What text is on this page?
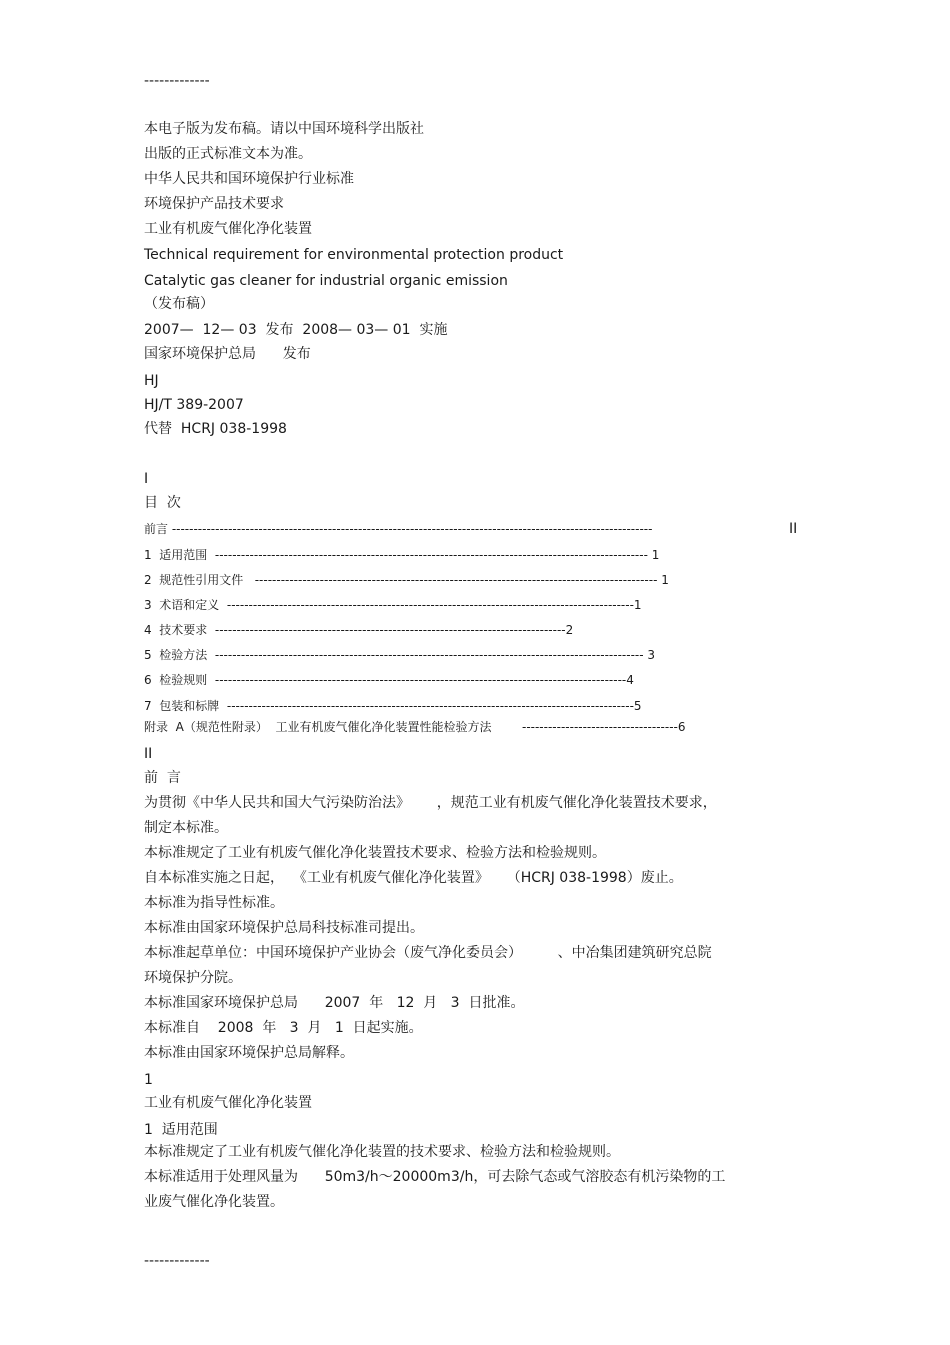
-------------
本电子版为发布稿。请以中国环境科学出版社
出版的正式标准文本为准。
中华人民共和国环境保护行业标准
环境保护产品技术要求
工业有机废气催化净化装置
Technical requirement for environmental protection product
Catalytic gas cleaner for industrial organic emission
（发布稿）
2007—  12— 03  发布  2008— 03— 01  实施
国家环境保护总局      发布
HJ
HJ/T 389-2007
代替  HCRJ 038-1998
I
目  次
前言 ---------------------------------------------------------------------------------------------------------------	II
1  适用范围  ---------------------------------------------------------------------------------------------------- 1
2  规范性引用文件   --------------------------------------------------------------------------------------------- 1
3  术语和定义  ----------------------------------------------------------------------------------------------1
4  技术要求  ---------------------------------------------------------------------------------2
5  检验方法  --------------------------------------------------------------------------------------------------- 3
6  检验规则  -----------------------------------------------------------------------------------------------4
7  包装和标牌  ----------------------------------------------------------------------------------------------5
附录  A（规范性附录）  工业有机废气催化净化装置性能检验方法        ------------------------------------6
II
前  言
为贯彻《中华人民共和国大气污染防治法》      ，规范工业有机废气催化净化装置技术要求，
制定本标准。
本标准规定了工业有机废气催化净化装置技术要求、检验方法和检验规则。
自本标准实施之日起，  《工业有机废气催化净化装置》    （HCRJ 038-1998）废止。
本标准为指导性标准。
本标准由国家环境保护总局科技标准司提出。
本标准起草单位：中国环境保护产业协会（废气净化委员会）        、中冶集团建筑研究总院
环境保护分院。
本标准国家环境保护总局      2007  年   12  月   3  日批准。
本标准自    2008  年   3  月   1  日起实施。
本标准由国家环境保护总局解释。
1
工业有机废气催化净化装置
1  适用范围
本标准规定了工业有机废气催化净化装置的技术要求、检验方法和检验规则。
本标准适用于处理风量为      50m3/h～20000m3/h，可去除气态或气溶胶态有机污染物的工
业废气催化净化装置。
-------------
